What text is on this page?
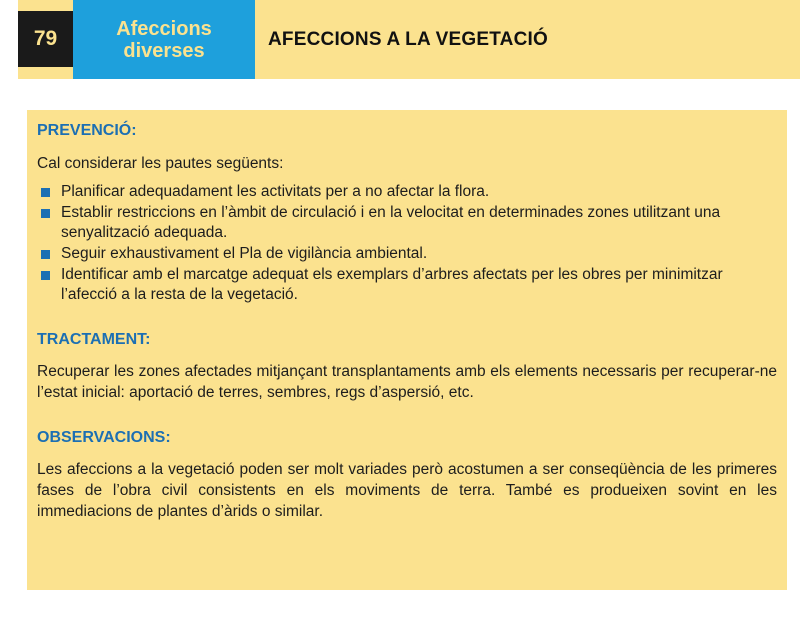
79	Afeccions
diverses
AFECCIONS A LA VEGETACIÓ
PREVENCIÓ:

Cal considerar les pautes següents:

Planificar adequadament les activitats per a no afectar la flora.
Establir restriccions en l’àmbit de circulació i en la velocitat en determinades zones utilitzant una senyalització adequada.
Seguir exhaustivament el Pla de vigilància ambiental.
Identificar amb el marcatge adequat els exemplars d’arbres afectats per les obres per minimitzar l’afecció a la resta de la vegetació.
TRACTAMENT:

Recuperar les zones afectades mitjançant transplantaments amb els elements necessaris per recuperar-ne l’estat inicial: aportació de terres, sembres, regs d’aspersió, etc.

OBSERVACIONS:

Les afeccions a la vegetació poden ser molt variades però acostumen a ser conseqüència de les primeres fases de l’obra civil consistents en els moviments de terra. També es produeixen sovint en les immediacions de plantes d’àrids o similar.
